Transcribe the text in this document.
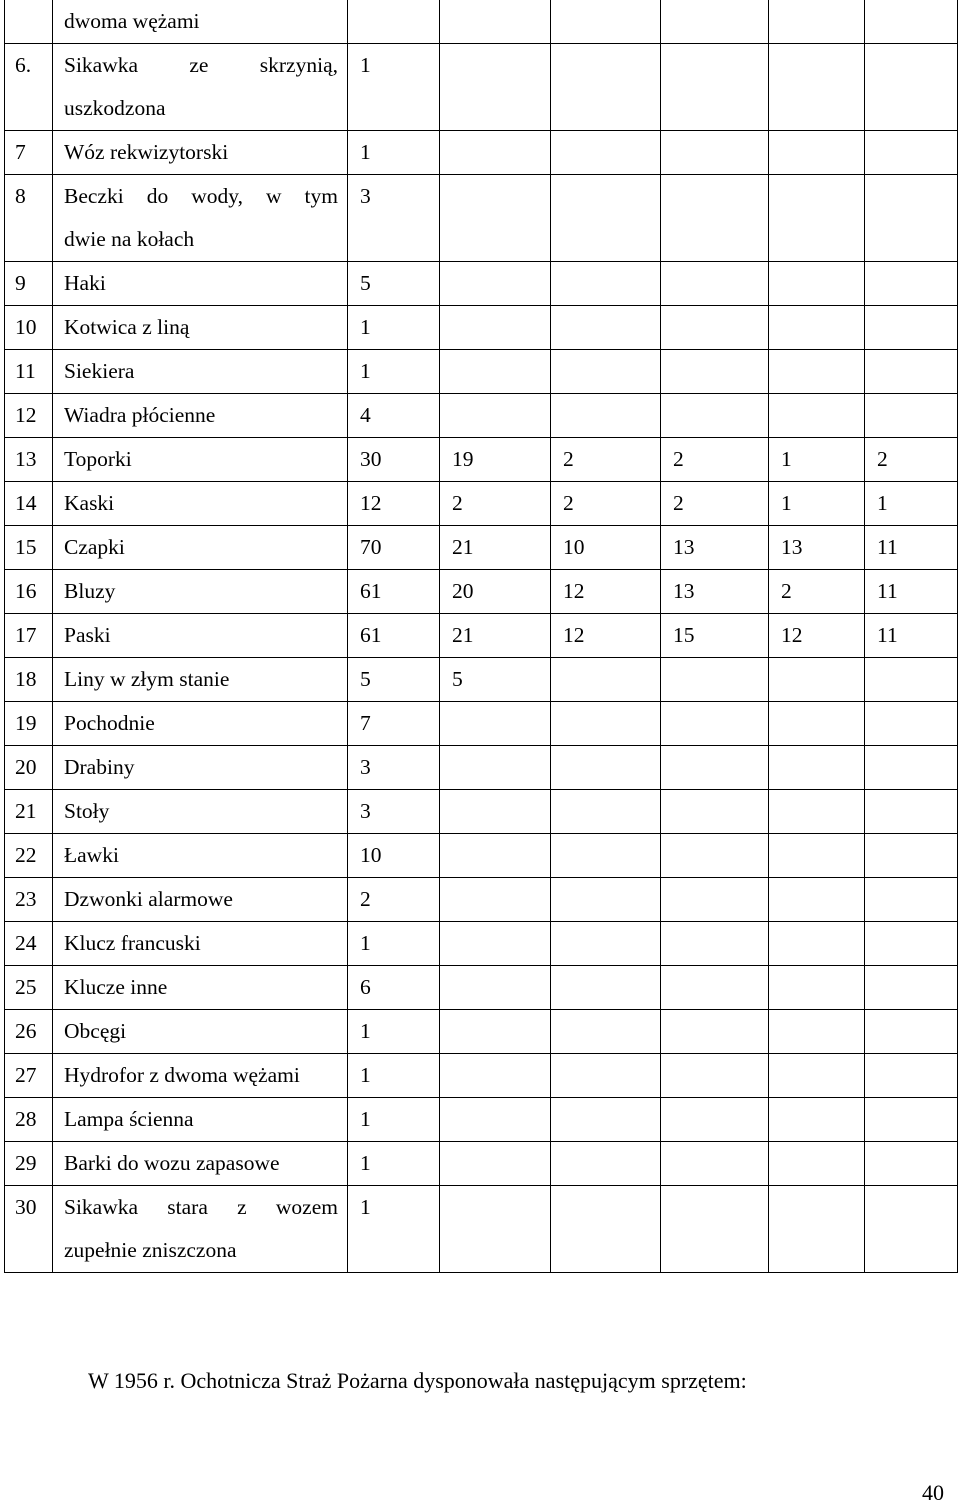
	dwoma wężami						

6.	Sikawka ze skrzynią,
uszkodzona	1					
7	Wóz rekwizytorski	1					
8	Beczki do wody, w tym
dwie na kołach	3					
9	Haki	5					
10	Kotwica z liną	1					
11	Siekiera	1					
12	Wiadra płócienne	4					
13	Toporki	30	19	2	2	1	2
14	Kaski	12	2	2	2	1	1
15	Czapki	70	21	10	13	13	11
16	Bluzy	61	20	12	13	2	11
17	Paski	61	21	12	15	12	11
18	Liny w złym stanie	5	5				
19	Pochodnie	7					
20	Drabiny	3					
21	Stoły	3					
22	Ławki	10					
23	Dzwonki alarmowe	2					
24	Klucz francuski	1					
25	Klucze inne	6					
26	Obcęgi	1					
27	Hydrofor z dwoma wężami	1					
28	Lampa ścienna	1					
29	Barki do wozu zapasowe	1					
30	Sikawka stara z wozem
zupełnie zniszczona	1					

W 1956 r. Ochotnicza Straż Pożarna dysponowała następującym sprzętem:

40
